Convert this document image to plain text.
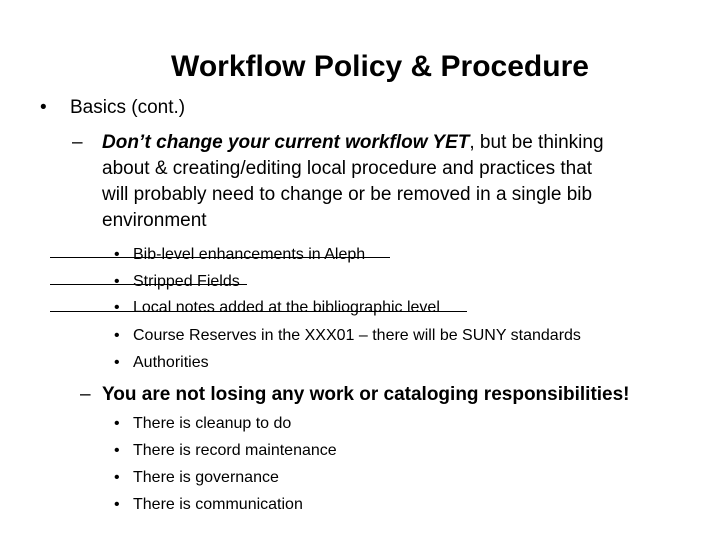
Workflow Policy & Procedure
• Basics (cont.)
– Don’t change your current workflow YET, but be thinking
about & creating/editing local procedure and practices that
will probably need to change or be removed in a single bib
environment
• Bib-level enhancements in Aleph
• Stripped Fields
• Local notes added at the bibliographic level
• Course Reserves in the XXX01 – there will be SUNY standards
• Authorities
– You are not losing any work or cataloging responsibilities!
• There is cleanup to do
• There is record maintenance
• There is governance
• There is communication
